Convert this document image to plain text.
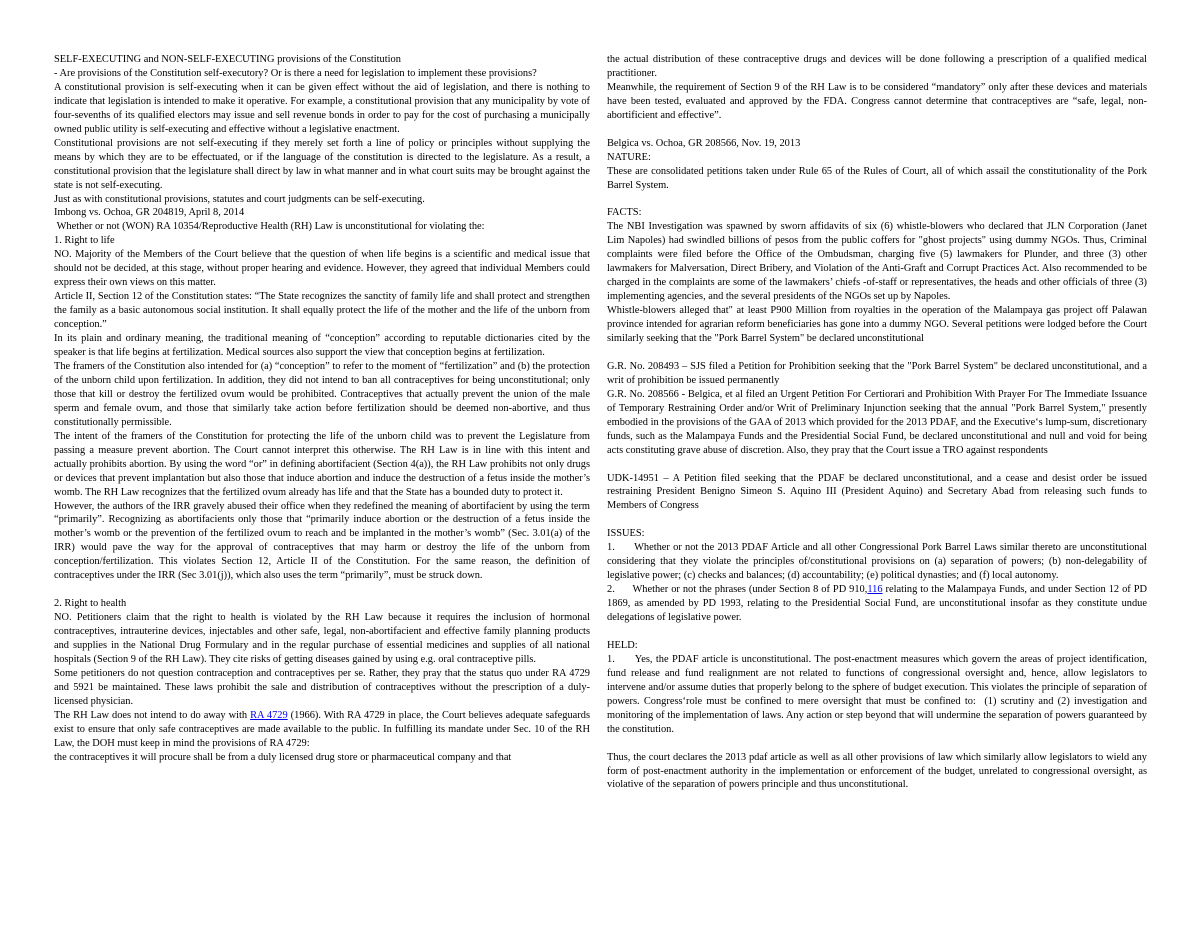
SELF-EXECUTING and NON-SELF-EXECUTING provisions of the Constitution

- Are provisions of the Constitution self-executory? Or is there a need for legislation to implement these provisions?

A constitutional provision is self-executing when it can be given effect without the aid of legislation, and there is nothing to indicate that legislation is intended to make it operative. For example, a constitutional provision that any municipality by vote of four-sevenths of its qualified electors may issue and sell revenue bonds in order to pay for the cost of purchasing a municipally owned public utility is self-executing and effective without a legislative enactment.

Constitutional provisions are not self-executing if they merely set forth a line of policy or principles without supplying the means by which they are to be effectuated, or if the language of the constitution is directed to the legislature. As a result, a constitutional provision that the legislature shall direct by law in what manner and in what court suits may be brought against the state is not self-executing.

Just as with constitutional provisions, statutes and court judgments can be self-executing.

Imbong vs. Ochoa, GR 204819, April 8, 2014

Whether or not (WON) RA 10354/Reproductive Health (RH) Law is unconstitutional for violating the:

1. Right to life

NO. Majority of the Members of the Court believe that the question of when life begins is a scientific and medical issue that should not be decided, at this stage, without proper hearing and evidence. However, they agreed that individual Members could express their own views on this matter.

Article II, Section 12 of the Constitution states: “The State recognizes the sanctity of family life and shall protect and strengthen the family as a basic autonomous social institution. It shall equally protect the life of the mother and the life of the unborn from conception.”

In its plain and ordinary meaning, the traditional meaning of “conception” according to reputable dictionaries cited by the speaker is that life begins at fertilization. Medical sources also support the view that conception begins at fertilization.

The framers of the Constitution also intended for (a) “conception” to refer to the moment of “fertilization” and (b) the protection of the unborn child upon fertilization. In addition, they did not intend to ban all contraceptives for being unconstitutional; only those that kill or destroy the fertilized ovum would be prohibited. Contraceptives that actually prevent the union of the male sperm and female ovum, and those that similarly take action before fertilization should be deemed non-abortive, and thus constitutionally permissible.

The intent of the framers of the Constitution for protecting the life of the unborn child was to prevent the Legislature from passing a measure prevent abortion. The Court cannot interpret this otherwise. The RH Law is in line with this intent and actually prohibits abortion. By using the word “or” in defining abortifacient (Section 4(a)), the RH Law prohibits not only drugs or devices that prevent implantation but also those that induce abortion and induce the destruction of a fetus inside the mother’s womb. The RH Law recognizes that the fertilized ovum already has life and that the State has a bounded duty to protect it.

However, the authors of the IRR gravely abused their office when they redefined the meaning of abortifacient by using the term “primarily”. Recognizing as abortifacients only those that “primarily induce abortion or the destruction of a fetus inside the mother’s womb or the prevention of the fertilized ovum to reach and be implanted in the mother’s womb” (Sec. 3.01(a) of the IRR) would pave the way for the approval of contraceptives that may harm or destroy the life of the unborn from conception/fertilization. This violates Section 12, Article II of the Constitution. For the same reason, the definition of contraceptives under the IRR (Sec 3.01(j)), which also uses the term “primarily”, must be struck down.

2. Right to health

NO. Petitioners claim that the right to health is violated by the RH Law because it requires the inclusion of hormonal contraceptives, intrauterine devices, injectables and other safe, legal, non-abortifacient and effective family planning products and supplies in the National Drug Formulary and in the regular purchase of essential medicines and supplies of all national hospitals (Section 9 of the RH Law). They cite risks of getting diseases gained by using e.g. oral contraceptive pills.

Some petitioners do not question contraception and contraceptives per se. Rather, they pray that the status quo under RA 4729 and 5921 be maintained. These laws prohibit the sale and distribution of contraceptives without the prescription of a duly-licensed physician.

The RH Law does not intend to do away with RA 4729 (1966). With RA 4729 in place, the Court believes adequate safeguards exist to ensure that only safe contraceptives are made available to the public. In fulfilling its mandate under Sec. 10 of the RH Law, the DOH must keep in mind the provisions of RA 4729:

the contraceptives it will procure shall be from a duly licensed drug store or pharmaceutical company and that

the actual distribution of these contraceptive drugs and devices will be done following a prescription of a qualified medical practitioner.

Meanwhile, the requirement of Section 9 of the RH Law is to be considered “mandatory” only after these devices and materials have been tested, evaluated and approved by the FDA. Congress cannot determine that contraceptives are “safe, legal, non-abortificient and effective”.

Belgica vs. Ochoa, GR 208566, Nov. 19, 2013

NATURE:

These are consolidated petitions taken under Rule 65 of the Rules of Court, all of which assail the constitutionality of the Pork Barrel System.

FACTS:

The NBI Investigation was spawned by sworn affidavits of six (6) whistle-blowers who declared that JLN Corporation (Janet Lim Napoles) had swindled billions of pesos from the public coffers for "ghost projects" using dummy NGOs. Thus, Criminal complaints were filed before the Office of the Ombudsman, charging five (5) lawmakers for Plunder, and three (3) other lawmakers for Malversation, Direct Bribery, and Violation of the Anti-Graft and Corrupt Practices Act. Also recommended to be charged in the complaints are some of the lawmakers’ chiefs -of-staff or representatives, the heads and other officials of three (3) implementing agencies, and the several presidents of the NGOs set up by Napoles.

Whistle-blowers alleged that" at least P900 Million from royalties in the operation of the Malampaya gas project off Palawan province intended for agrarian reform beneficiaries has gone into a dummy NGO. Several petitions were lodged before the Court similarly seeking that the "Pork Barrel System" be declared unconstitutional

G.R. No. 208493 – SJS filed a Petition for Prohibition seeking that the "Pork Barrel System" be declared unconstitutional, and a writ of prohibition be issued permanently

G.R. No. 208566 - Belgica, et al filed an Urgent Petition For Certiorari and Prohibition With Prayer For The Immediate Issuance of Temporary Restraining Order and/or Writ of Preliminary Injunction seeking that the annual "Pork Barrel System," presently embodied in the provisions of the GAA of 2013 which provided for the 2013 PDAF, and the Executive‘s lump-sum, discretionary funds, such as the Malampaya Funds and the Presidential Social Fund, be declared unconstitutional and null and void for being acts constituting grave abuse of discretion. Also, they pray that the Court issue a TRO against respondents

UDK-14951 – A Petition filed seeking that the PDAF be declared unconstitutional, and a cease and desist order be issued restraining President Benigno Simeon S. Aquino III (President Aquino) and Secretary Abad from releasing such funds to Members of Congress

ISSUES:

1.      Whether or not the 2013 PDAF Article and all other Congressional Pork Barrel Laws similar thereto are unconstitutional considering that they violate the principles of/constitutional provisions on (a) separation of powers; (b) non-delegability of legislative power; (c) checks and balances; (d) accountability; (e) political dynasties; and (f) local autonomy.

2.      Whether or not the phrases (under Section 8 of PD 910,116 relating to the Malampaya Funds, and under Section 12 of PD 1869, as amended by PD 1993, relating to the Presidential Social Fund, are unconstitutional insofar as they constitute undue delegations of legislative power.

HELD:

1.      Yes, the PDAF article is unconstitutional. The post-enactment measures which govern the areas of project identification, fund release and fund realignment are not related to functions of congressional oversight and, hence, allow legislators to intervene and/or assume duties that properly belong to the sphere of budget execution. This violates the principle of separation of powers. Congress‘role must be confined to mere oversight that must be confined to:  (1) scrutiny and (2) investigation and monitoring of the implementation of laws. Any action or step beyond that will undermine the separation of powers guaranteed by the constitution.

Thus, the court declares the 2013 pdaf article as well as all other provisions of law which similarly allow legislators to wield any form of post-enactment authority in the implementation or enforcement of the budget, unrelated to congressional oversight, as violative of the separation of powers principle and thus unconstitutional.
